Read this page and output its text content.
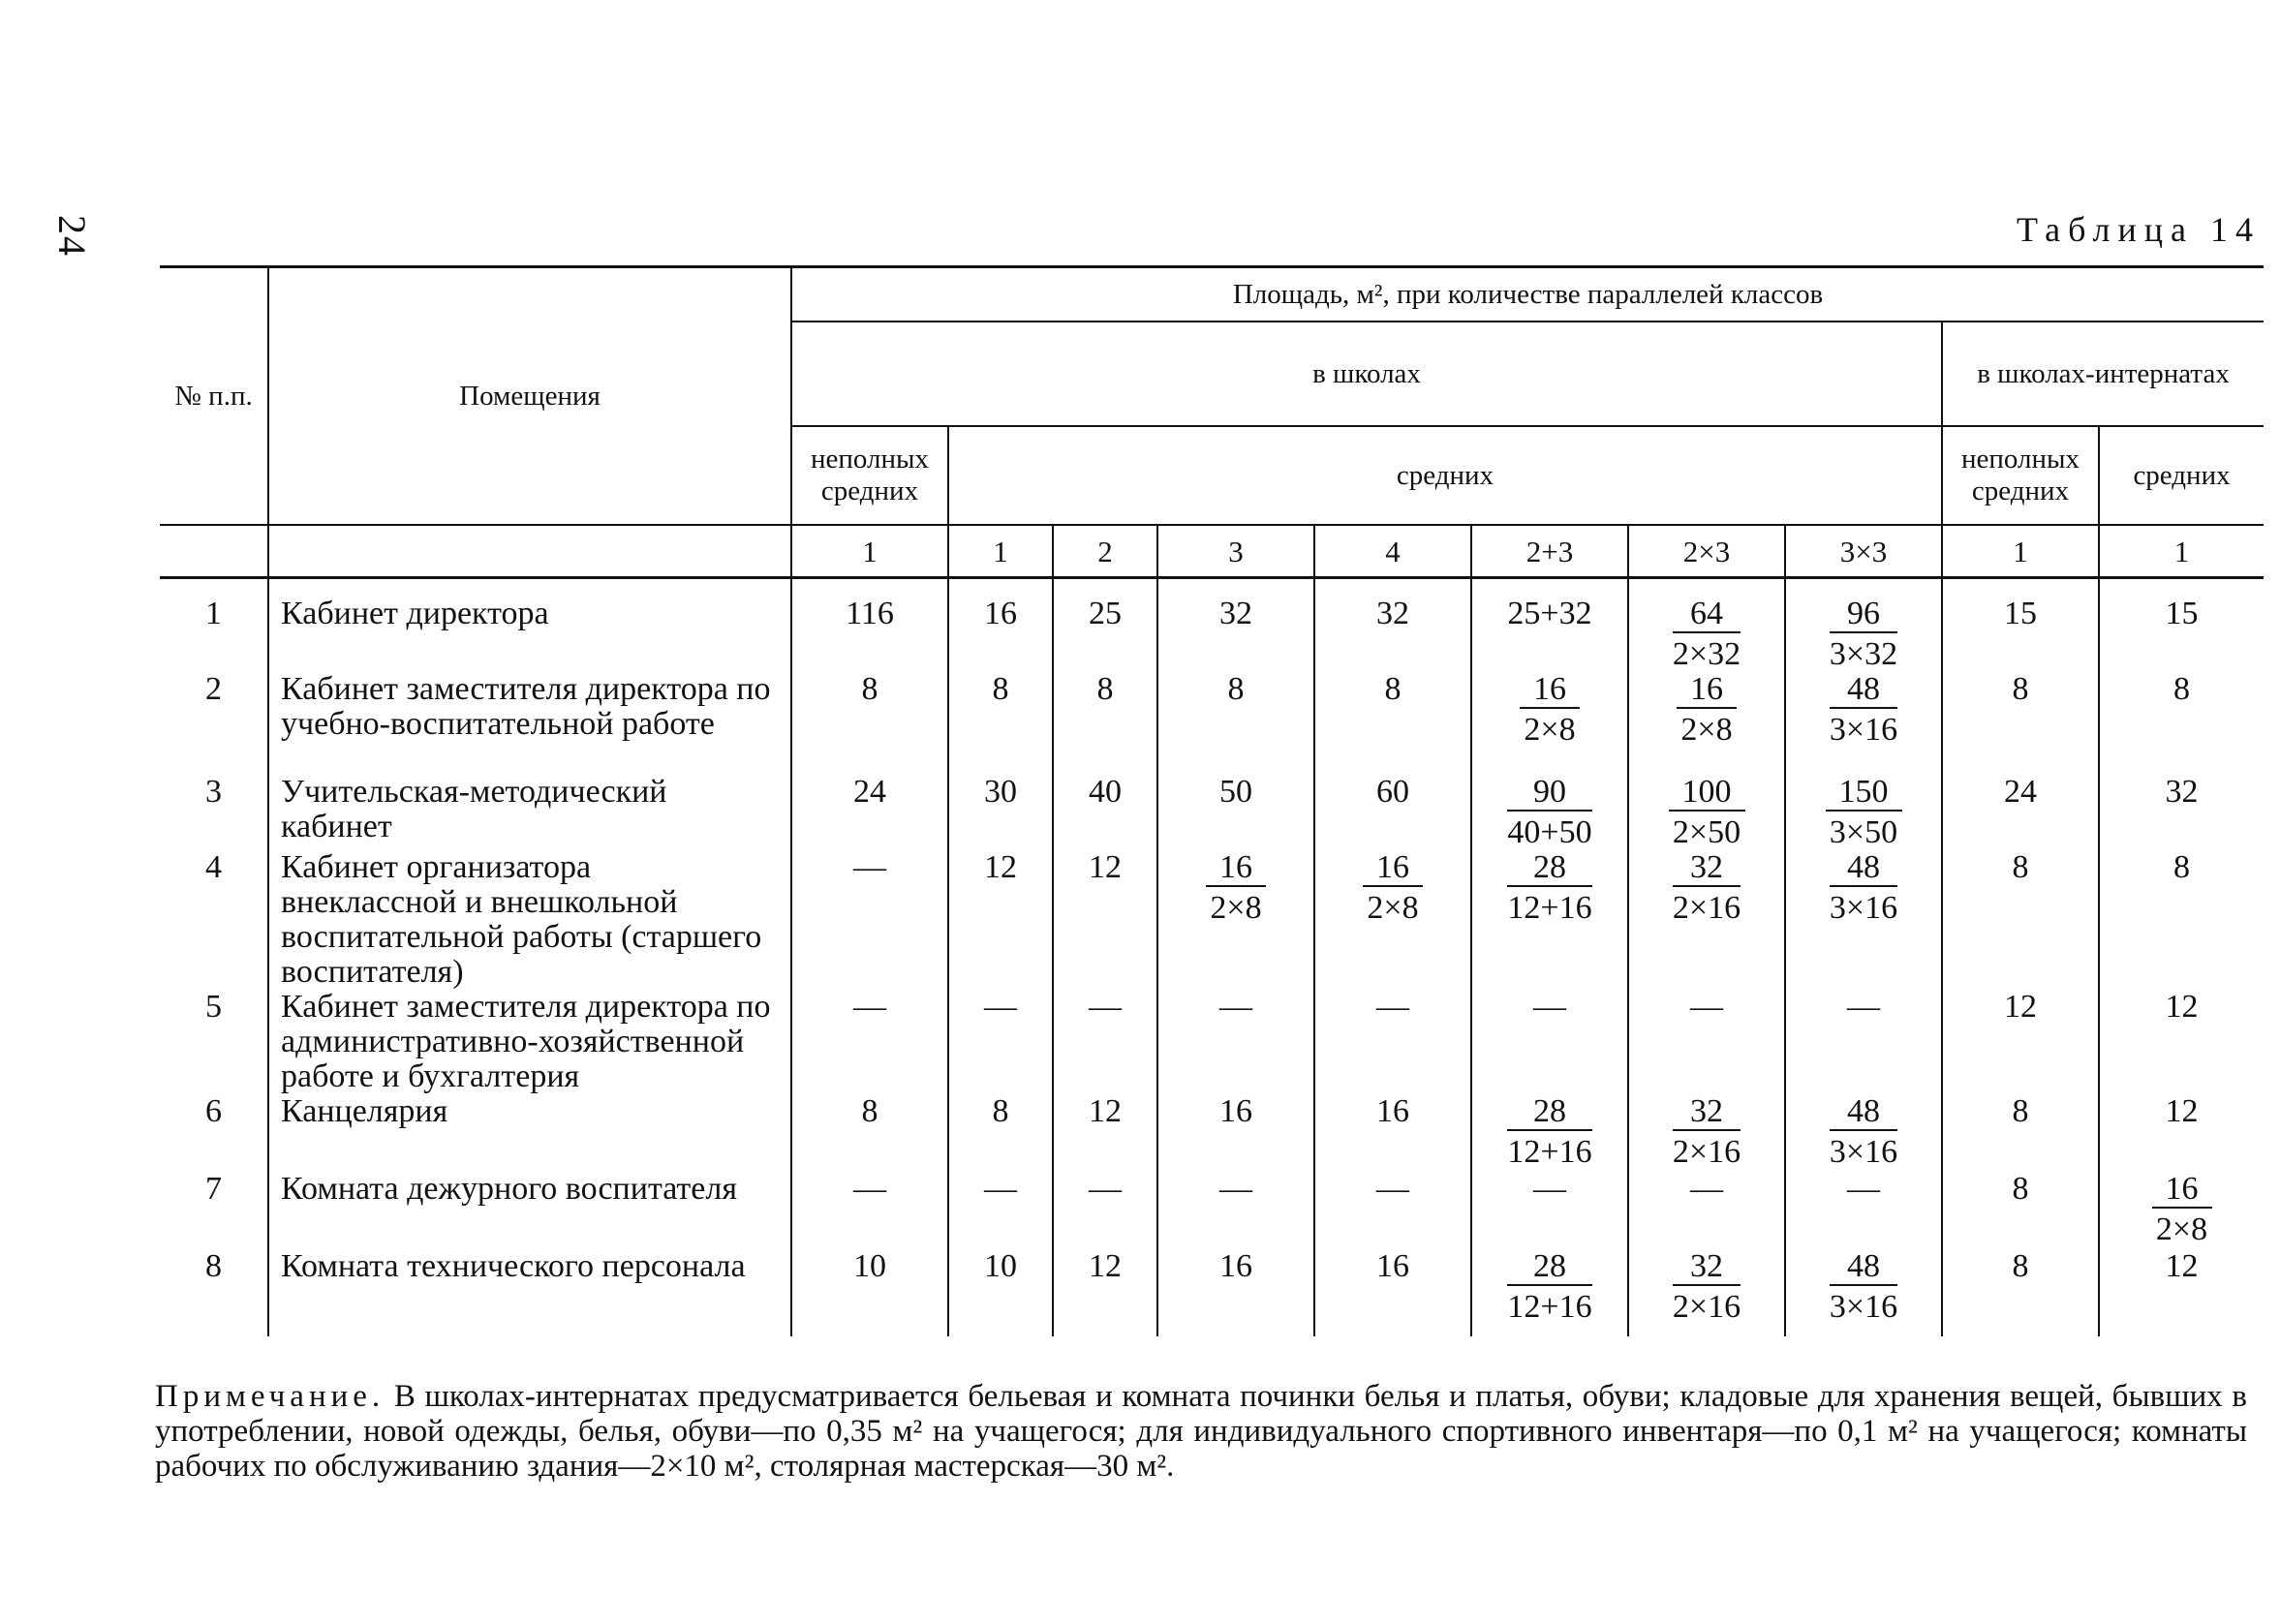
24	Таблица 14
№ п.п.	Помещения	Площадь, м², при количестве параллелей классов									
		в школах								в школах-интернатах	
		неполных средних	средних							неполных средних	средних
		1	1	2	3	4	2+3	2×3	3×3	1	1
1	Кабинет директора	116	16	25	32	32	25+32	$\frac{64}{2\times 32}$	$\frac{96}{3\times 32}$	15	15
2	Кабинет заместителя директора по учебно-воспитательной работе	8	8	8	8	8	$\frac{16}{2\times 8}$	$\frac{16}{2\times 8}$	$\frac{48}{3\times 16}$	8	8
3	Учительская-методический кабинет	24	30	40	50	60	$\frac{90}{40+50}$	$\frac{100}{2\times 50}$	$\frac{150}{3\times 50}$	24	32
4	Кабинет организатора внеклассной и внешкольной воспитательной работы (старшего воспитателя)	—	12	12	$\frac{16}{2\times 8}$	$\frac{16}{2\times 8}$	$\frac{28}{12+16}$	$\frac{32}{2\times 16}$	$\frac{48}{3\times 16}$	8	8
5	Кабинет заместителя директора по административно-хозяйственной работе и бухгалтерия	—	—	—	—	—	—	—	—	12	12
6	Канцелярия	8	8	12	16	16	$\frac{28}{12+16}$	$\frac{32}{2\times 16}$	$\frac{48}{3\times 16}$	8	12
7	Комната дежурного воспитателя	—	—	—	—	—	—	—	—	8	$\frac{16}{2\times 8}$

8	Комната технического персонала	10	10	12	16	16	$\frac{28}{12+16}$	$\frac{32}{2\times 16}$	$\frac{48}{3\times 16}$	8	12
Примечание. В школах-интернатах предусматривается бельевая и комната починки белья и платья, обуви; кладовые для хранения вещей, бывших в употреблении, новой одежды, белья, обуви—по 0,35 м² на учащегося; для индивидуального спортивного инвентаря—по 0,1 м² на учащегося; комнаты рабочих по обслуживанию здания—2×10 м², столярная мастерская—30 м².
